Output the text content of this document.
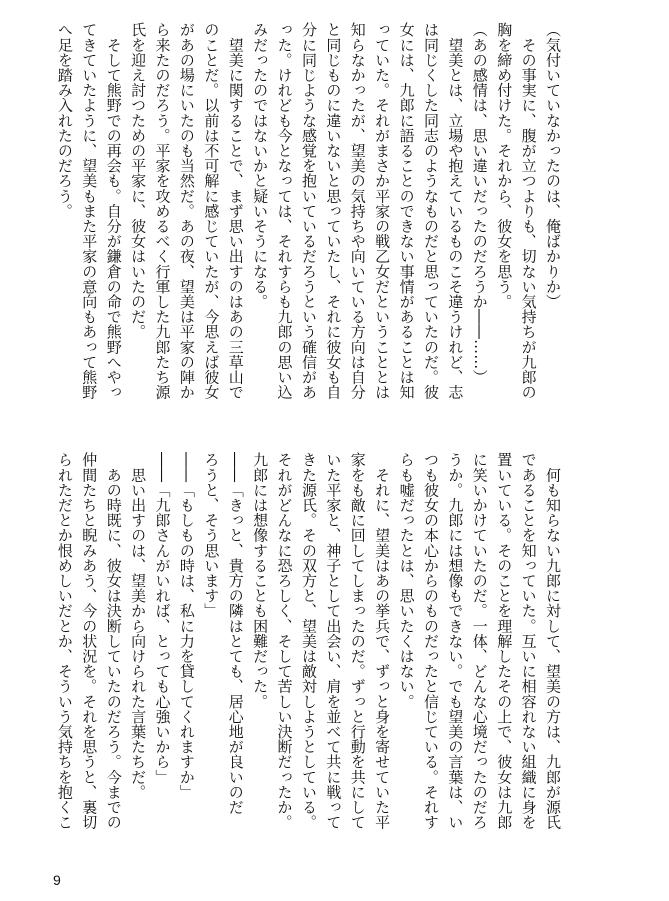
（気付いていなかったのは、俺ばかりか）
　その事実に、腹が立つよりも、切ない気持ちが九郎の
胸を締め付けた。それから、彼女を思う。
（あの感情は、思い違いだったのだろうか――……）
　望美とは、立場や抱えているものこそ違うけれど、志
は同じくした同志のようなものだと思っていたのだ。彼
女には、九郎に語ることのできない事情があることは知
っていた。それがまさか平家の戦乙女だということとは
知らなかったが、望美の気持ちや向いている方向は自分
と同じものに違いないと思っていたし、それに彼女も自
分に同じような感覚を抱いているだろうという確信があ
った。けれども今となっては、それすらも九郎の思い込
みだったのではないかと疑いそうになる。
　望美に関することで、まず思い出すのはあの三草山で
のことだ。以前は不可解に感じていたが、今思えば彼女
があの場にいたのも当然だ。あの夜、望美は平家の陣か
ら来たのだろう。平家を攻めるべく行軍した九郎たち源
氏を迎え討つための平家に、彼女はいたのだ。
　そして熊野での再会も。自分が鎌倉の命で熊野へやっ
てきていたように、望美もまた平家の意向もあって熊野
へ足を踏み入れたのだろう。
　何も知らない九郎に対して、望美の方は、九郎が源氏
であることを知っていた。互いに相容れない組織に身を
置いている。そのことを理解したその上で、彼女は九郎
に笑いかけていたのだ。一体、どんな心境だったのだろ
うか。九郎には想像もできない。でも望美の言葉は、い
つも彼女の本心からのものだったと信じている。それす
らも嘘だったとは、思いたくはない。
　それに、望美はあの挙兵で、ずっと身を寄せていた平
家をも敵に回してしまったのだ。ずっと行動を共にして
いた平家と、神子として出会い、肩を並べて共に戦って
きた源氏。その双方と、望美は敵対しようとしている。
それがどんなに恐ろしく、そして苦しい決断だったか。
九郎には想像することも困難だった。
――「きっと、貴方の隣はとても、居心地が良いのだ
ろうと、そう思います」
――「もしもの時は、私に力を貸してくれますか」
――「九郎さんがいれば、とっても心強いから」
　思い出すのは、望美から向けられた言葉たちだ。
　あの時既に、彼女は決断していたのだろう。今までの
仲間たちと睨みあう、今の状況を。それを思うと、裏切
られただとか恨めしいだとか、そういう気持ちを抱くこ
9
